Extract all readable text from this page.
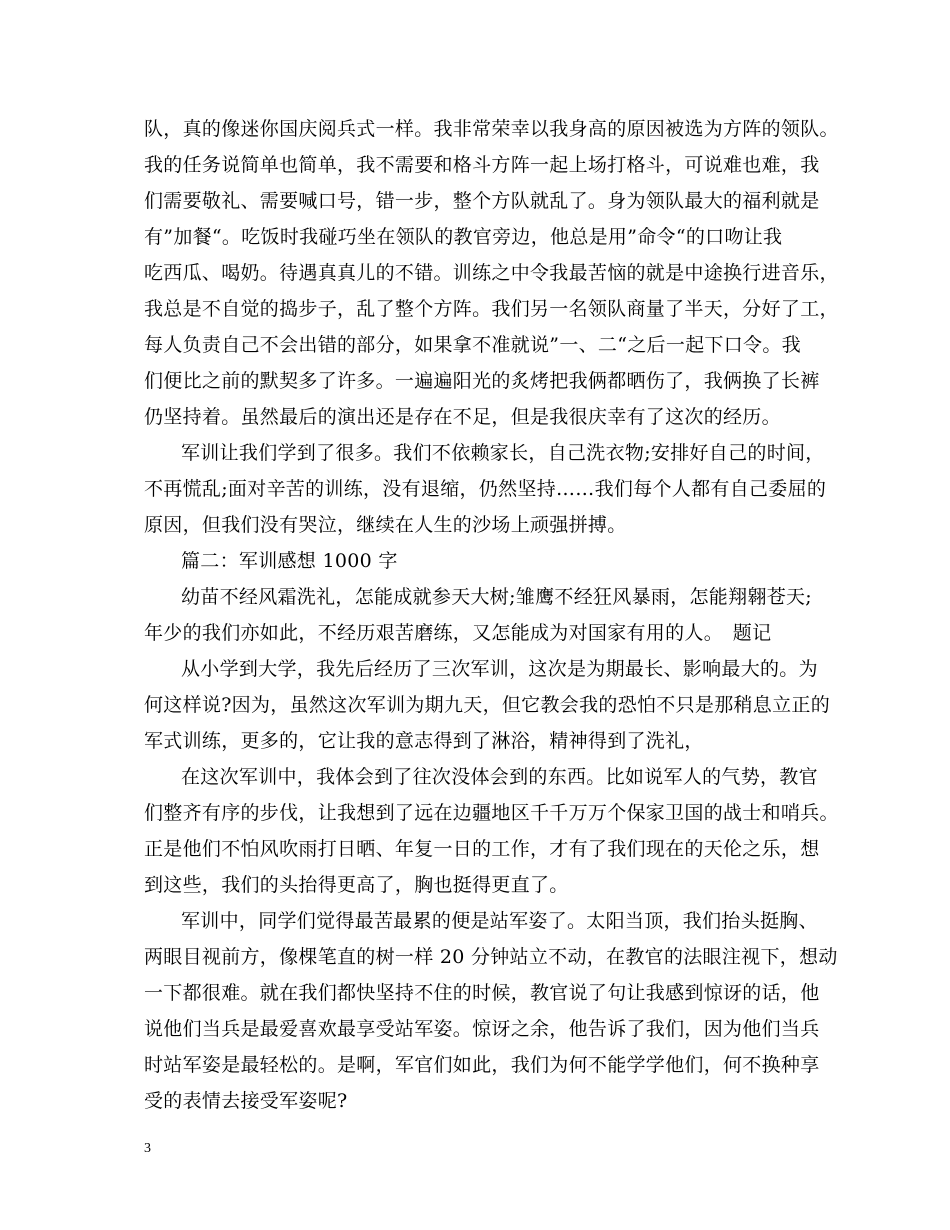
队，真的像迷你国庆阅兵式一样。我非常荣幸以我身高的原因被选为方阵的领队。
我的任务说简单也简单，我不需要和格斗方阵一起上场打格斗，可说难也难，我
们需要敬礼、需要喊口号，错一步，整个方队就乱了。身为领队最大的福利就是
有”加餐“。吃饭时我碰巧坐在领队的教官旁边，他总是用”命令“的口吻让我
吃西瓜、喝奶。待遇真真儿的不错。训练之中令我最苦恼的就是中途换行进音乐，
我总是不自觉的捣步子，乱了整个方阵。我们另一名领队商量了半天，分好了工，
每人负责自己不会出错的部分，如果拿不准就说”一、二“之后一起下口令。我
们便比之前的默契多了许多。一遍遍阳光的炙烤把我俩都晒伤了，我俩换了长裤
仍坚持着。虽然最后的演出还是存在不足，但是我很庆幸有了这次的经历。
军训让我们学到了很多。我们不依赖家长，自己洗衣物;安排好自己的时间，
不再慌乱;面对辛苦的训练，没有退缩，仍然坚持……我们每个人都有自己委屈的
原因，但我们没有哭泣，继续在人生的沙场上顽强拼搏。
篇二：军训感想 1000 字
幼苗不经风霜洗礼，怎能成就参天大树;雏鹰不经狂风暴雨，怎能翔翱苍天;
年少的我们亦如此，不经历艰苦磨练，又怎能成为对国家有用的人。　题记
从小学到大学，我先后经历了三次军训，这次是为期最长、影响最大的。为
何这样说?因为，虽然这次军训为期九天，但它教会我的恐怕不只是那稍息立正的
军式训练，更多的，它让我的意志得到了淋浴，精神得到了洗礼，
在这次军训中，我体会到了往次没体会到的东西。比如说军人的气势，教官
们整齐有序的步伐，让我想到了远在边疆地区千千万万个保家卫国的战士和哨兵。
正是他们不怕风吹雨打日晒、年复一日的工作，才有了我们现在的天伦之乐，想
到这些，我们的头抬得更高了，胸也挺得更直了。
军训中，同学们觉得最苦最累的便是站军姿了。太阳当顶，我们抬头挺胸、
两眼目视前方，像棵笔直的树一样 20 分钟站立不动，在教官的法眼注视下，想动
一下都很难。就在我们都快坚持不住的时候，教官说了句让我感到惊讶的话，他
说他们当兵是最爱喜欢最享受站军姿。惊讶之余，他告诉了我们，因为他们当兵
时站军姿是最轻松的。是啊，军官们如此，我们为何不能学学他们，何不换种享
受的表情去接受军姿呢?
3
